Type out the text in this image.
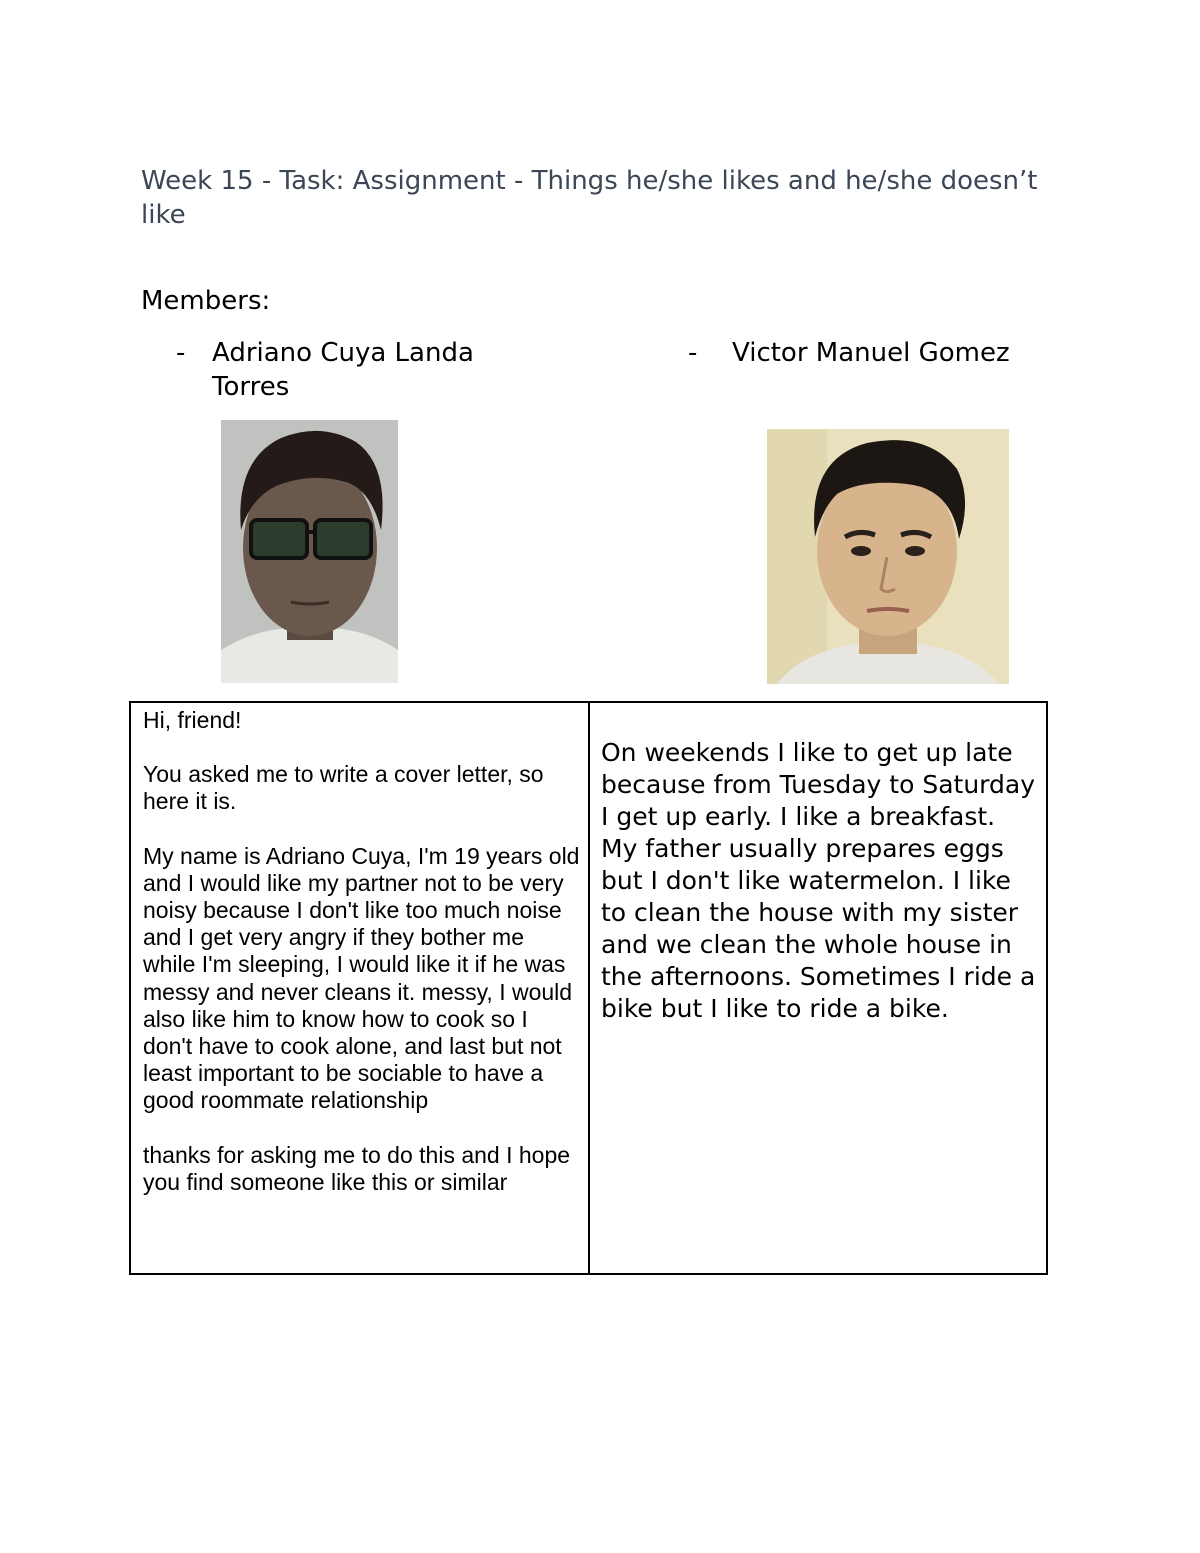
Week 15 - Task: Assignment - Things he/she likes and he/she doesn’t like
Members:
- Adriano Cuya Landa Torres
- Victor Manuel Gomez

Hi, friend!

You asked me to write a cover letter, so here it is.

My name is Adriano Cuya, I'm 19 years old and I would like my partner not to be very noisy because I don't like too much noise and I get very angry if they bother me while I'm sleeping, I would like it if he was messy and never cleans it. messy, I would also like him to know how to cook so I don't have to cook alone, and last but not least important to be sociable to have a good roommate relationship

thanks for asking me to do this and I hope you find someone like this or similar

On weekends I like to get up late because from Tuesday to Saturday I get up early. I like a breakfast. My father usually prepares eggs but I don't like watermelon. I like to clean the house with my sister and we clean the whole house in the afternoons. Sometimes I ride a bike but I like to ride a bike.
